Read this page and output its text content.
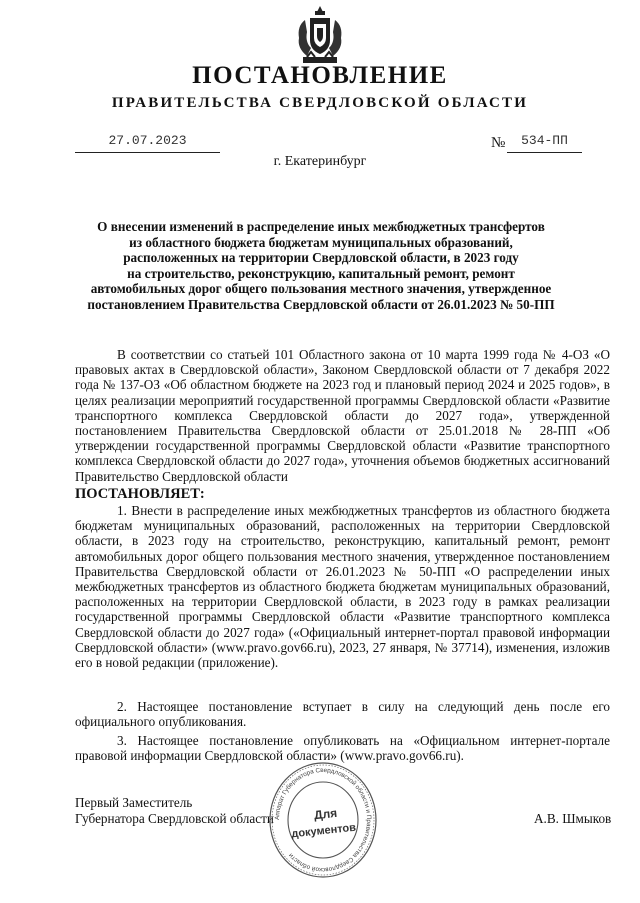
ПОСТАНОВЛЕНИЕ
ПРАВИТЕЛЬСТВА СВЕРДЛОВСКОЙ ОБЛАСТИ
27.07.2023	№	534-ПП
г. Екатеринбург
О внесении изменений в распределение иных межбюджетных трансфертов
из областного бюджета бюджетам муниципальных образований,
расположенных на территории Свердловской области, в 2023 году
на строительство, реконструкцию, капитальный ремонт, ремонт
автомобильных дорог общего пользования местного значения, утвержденное
постановлением Правительства Свердловской области от 26.01.2023 № 50-ПП
В соответствии со статьей 101 Областного закона от 10 марта 1999 года № 4-ОЗ «О правовых актах в Свердловской области», Законом Свердловской области от 7 декабря 2022 года № 137-ОЗ «Об областном бюджете на 2023 год и плановый период 2024 и 2025 годов», в целях реализации мероприятий государственной программы Свердловской области «Развитие транспортного комплекса Свердловской области до 2027 года», утвержденной постановлением Правительства Свердловской области от 25.01.2018 № 28-ПП «Об утверждении государственной программы Свердловской области «Развитие транспортного комплекса Свердловской области до 2027 года», уточнения объемов бюджетных ассигнований Правительство Свердловской области
ПОСТАНОВЛЯЕТ:
1. Внести в распределение иных межбюджетных трансфертов из областного бюджета бюджетам муниципальных образований, расположенных на территории Свердловской области, в 2023 году на строительство, реконструкцию, капитальный ремонт, ремонт автомобильных дорог общего пользования местного значения, утвержденное постановлением Правительства Свердловской области от 26.01.2023 № 50-ПП «О распределении иных межбюджетных трансфертов из областного бюджета бюджетам муниципальных образований, расположенных на территории Свердловской области, в 2023 году в рамках реализации государственной программы Свердловской области «Развитие транспортного комплекса Свердловской области до 2027 года» («Официальный интернет-портал правовой информации Свердловской области» (www.pravo.gov66.ru), 2023, 27 января, № 37714), изменения, изложив его в новой редакции (приложение).
2. Настоящее постановление вступает в силу на следующий день после его официального опубликования.
3. Настоящее постановление опубликовать на «Официальном интернет-портале правовой информации Свердловской области» (www.pravo.gov66.ru).
Первый Заместитель
Губернатора Свердловской области	А.В. Шмыков
Аппарат Губернатора Свердловской области и Правительства Свердловской области
Для
документов
